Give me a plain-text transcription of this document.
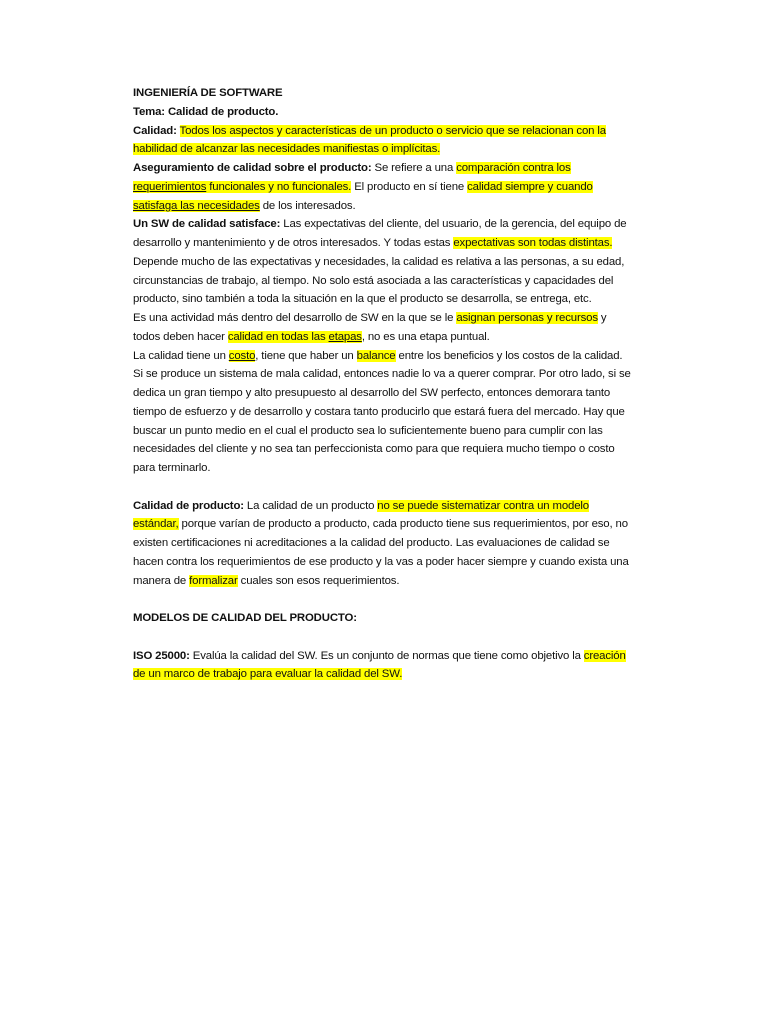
INGENIERÍA DE SOFTWARE

Tema: Calidad de producto.

Calidad: Todos los aspectos y características de un producto o servicio que se relacionan con la habilidad de alcanzar las necesidades manifiestas o implícitas.

Aseguramiento de calidad sobre el producto: Se refiere a una comparación contra los requerimientos funcionales y no funcionales. El producto en sí tiene calidad siempre y cuando satisfaga las necesidades de los interesados.

Un SW de calidad satisface: Las expectativas del cliente, del usuario, de la gerencia, del equipo de desarrollo y mantenimiento y de otros interesados. Y todas estas expectativas son todas distintas. Depende mucho de las expectativas y necesidades, la calidad es relativa a las personas, a su edad, circunstancias de trabajo, al tiempo. No solo está asociada a las características y capacidades del producto, sino también a toda la situación en la que el producto se desarrolla, se entrega, etc.

Es una actividad más dentro del desarrollo de SW en la que se le asignan personas y recursos y todos deben hacer calidad en todas las etapas, no es una etapa puntual.

La calidad tiene un costo, tiene que haber un balance entre los beneficios y los costos de la calidad. Si se produce un sistema de mala calidad, entonces nadie lo va a querer comprar. Por otro lado, si se dedica un gran tiempo y alto presupuesto al desarrollo del SW perfecto, entonces demorara tanto tiempo de esfuerzo y de desarrollo y costara tanto producirlo que estará fuera del mercado. Hay que buscar un punto medio en el cual el producto sea lo suficientemente bueno para cumplir con las necesidades del cliente y no sea tan perfeccionista como para que requiera mucho tiempo o costo para terminarlo.

Calidad de producto: La calidad de un producto no se puede sistematizar contra un modelo estándar, porque varían de producto a producto, cada producto tiene sus requerimientos, por eso, no existen certificaciones ni acreditaciones a la calidad del producto. Las evaluaciones de calidad se hacen contra los requerimientos de ese producto y la vas a poder hacer siempre y cuando exista una manera de formalizar cuales son esos requerimientos.

MODELOS DE CALIDAD DEL PRODUCTO:

ISO 25000: Evalúa la calidad del SW. Es un conjunto de normas que tiene como objetivo la creación de un marco de trabajo para evaluar la calidad del SW.
